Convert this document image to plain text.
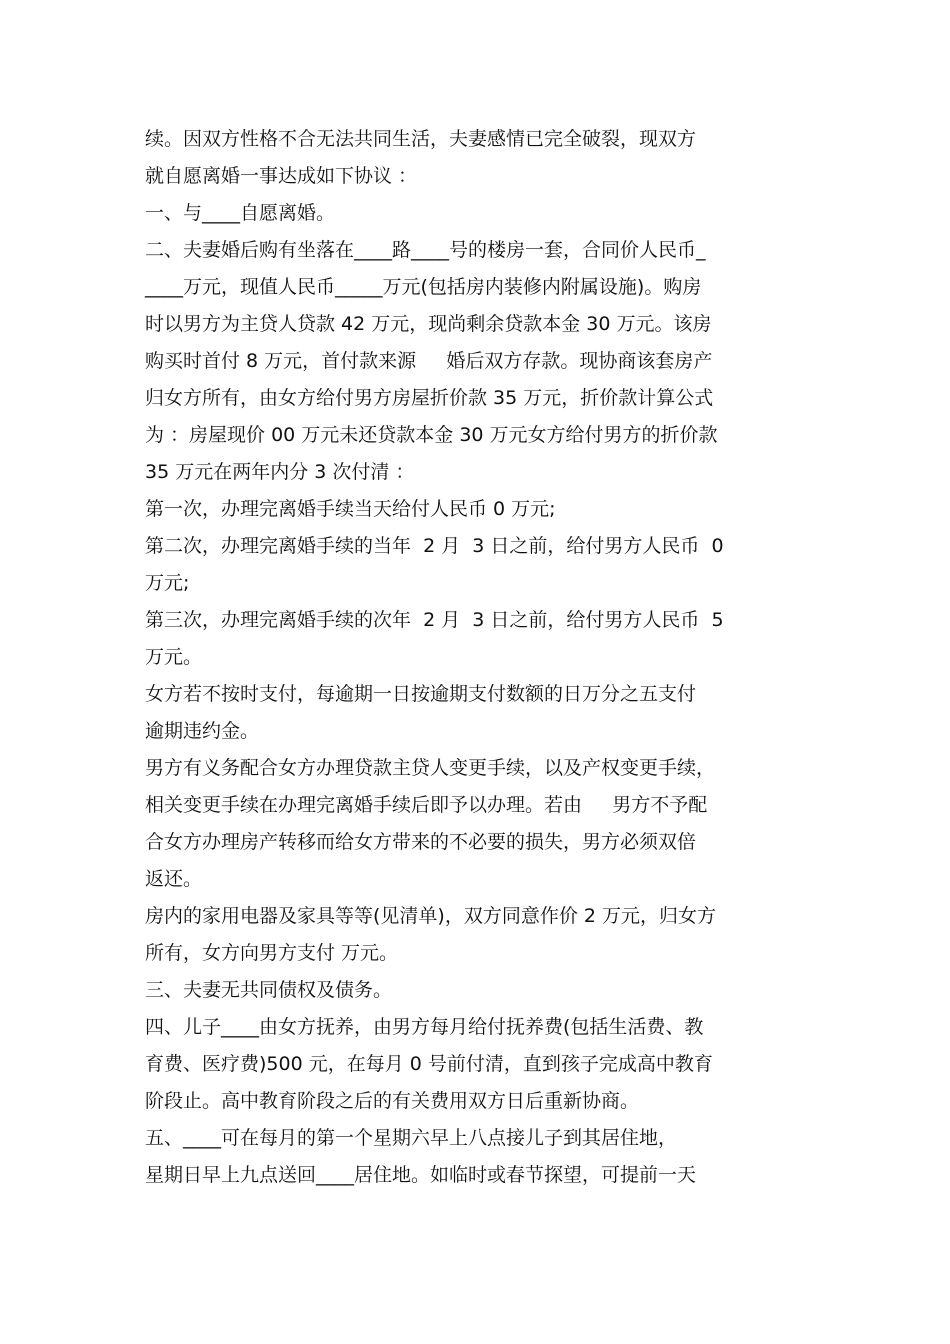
续。因双方性格不合无法共同生活，夫妻感情已完全破裂，现双方
就自愿离婚一事达成如下协议 ：
一、与____自愿离婚。
二、夫妻婚后购有坐落在____路____号的楼房一套，合同价人民币_
____万元，现值人民币_____万元(包括房内装修内附属设施)。购房
时以男方为主贷人贷款 42 万元，现尚剩余贷款本金 30 万元。该房
购买时首付 8 万元，首付款来源     婚后双方存款。现协商该套房产
归女方所有，由女方给付男方房屋折价款 35 万元，折价款计算公式
为 ：房屋现价 00 万元未还贷款本金 30 万元女方给付男方的折价款
35 万元在两年内分 3 次付清 ：
第一次，办理完离婚手续当天给付人民币 0 万元;
第二次，办理完离婚手续的当年  2 月  3 日之前，给付男方人民币  0
万元;
第三次，办理完离婚手续的次年  2 月  3 日之前，给付男方人民币  5
万元。
女方若不按时支付，每逾期一日按逾期支付数额的日万分之五支付
逾期违约金。
男方有义务配合女方办理贷款主贷人变更手续，以及产权变更手续，
相关变更手续在办理完离婚手续后即予以办理。若由     男方不予配
合女方办理房产转移而给女方带来的不必要的损失，男方必须双倍
返还。
房内的家用电器及家具等等(见清单)，双方同意作价 2 万元，归女方
所有，女方向男方支付 万元。
三、夫妻无共同债权及债务。
四、儿子____由女方抚养，由男方每月给付抚养费(包括生活费、教
育费、医疗费)500 元，在每月 0 号前付清，直到孩子完成高中教育
阶段止。高中教育阶段之后的有关费用双方日后重新协商。
五、____可在每月的第一个星期六早上八点接儿子到其居住地，
星期日早上九点送回____居住地。如临时或春节探望，可提前一天
